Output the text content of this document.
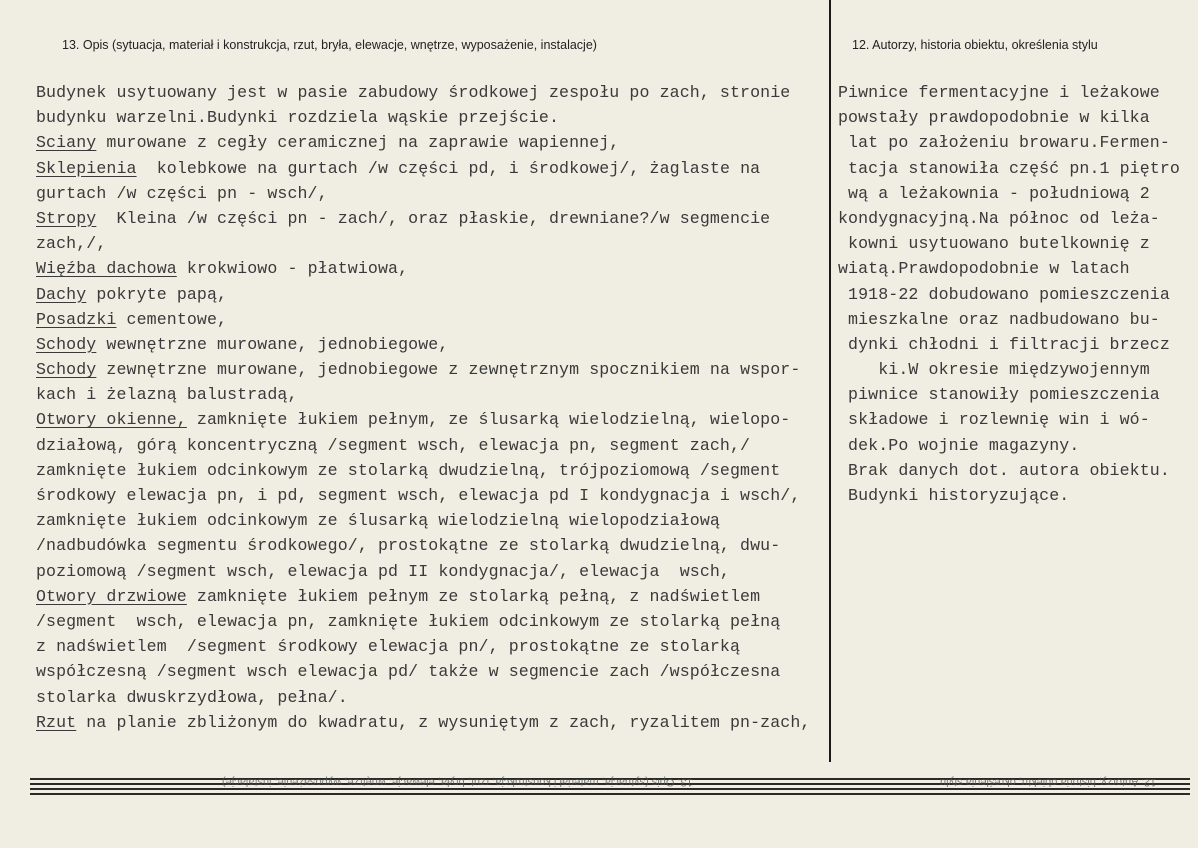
13. Opis (sytuacja, materiał i konstrukcja, rzut, bryła, elewacje, wnętrze, wyposażenie, instalacje)	12. Autorzy, historia obiektu, określenia stylu
Budynek usytuowany jest w pasie zabudowy środkowej zespołu po zach, stronie
budynku warzelni.Budynki rozdziela wąskie przejście.
Sciany murowane z cegły ceramicznej na zaprawie wapiennej,
Sklepienia  kolebkowe na gurtach /w części pd, i środkowej/, żaglaste na
gurtach /w części pn - wsch/,
Stropy  Kleina /w części pn - zach/, oraz płaskie, drewniane?/w segmencie
zach,/,
Więźba dachowa krokwiowo - płatwiowa,
Dachy pokryte papą,
Posadzki cementowe,
Schody wewnętrzne murowane, jednobiegowe,
Schody zewnętrzne murowane, jednobiegowe z zewnętrznym spocznikiem na wspor-
kach i żelazną balustradą,
Otwory okienne, zamknięte łukiem pełnym, ze ślusarką wielodzielną, wielopo-
działową, górą koncentryczną /segment wsch, elewacja pn, segment zach,/
zamknięte łukiem odcinkowym ze stolarką dwudzielną, trójpoziomową /segment
środkowy elewacja pn, i pd, segment wsch, elewacja pd I kondygnacja i wsch/,
zamknięte łukiem odcinkowym ze ślusarką wielodzielną wielopodziałową
/nadbudówka segmentu środkowego/, prostokątne ze stolarką dwudzielną, dwu-
poziomową /segment wsch, elewacja pd II kondygnacja/, elewacja  wsch,
Otwory drzwiowe zamknięte łukiem pełnym ze stolarką pełną, z nadświetlem
/segment  wsch, elewacja pn, zamknięte łukiem odcinkowym ze stolarką pełną
z nadświetlem  /segment środkowy elewacja pn/, prostokątne ze stolarką
współczesną /segment wsch elewacja pd/ także w segmencie zach /współczesna
stolarka dwuskrzydłowa, pełna/.
Rzut na planie zbliżonym do kwadratu, z wysuniętym z zach, ryzalitem pn-zach,
Piwnice fermentacyjne i leżakowe
powstały prawdopodobnie w kilka
lat po założeniu browaru.Fermen-
tacja stanowiła część pn.1 piętro
wą a leżakownia - południową 2
kondygnacyjną.Na północ od leża-
kowni usytuowano butelkownię z
wiatą.Prawdopodobnie w latach
1918-22 dobudowano pomieszczenia
mieszkalne oraz nadbudowano bu-
dynki chłodni i filtracji brzecz
ki.W okresie międzywojennym
piwnice stanowiły pomieszczenia
składowe i rozlewnię win i wó-
dek.Po wojnie magazyny.
Brak danych dot. autora obiektu.
Budynki historyzujące.
13. Opis (sytuacja, materiał i konstrukcja, rzut, bryła, elewacje, wnętrze, wyposażenie, instalacje)	12. Autorzy, historia obiektu, określenia stylu
